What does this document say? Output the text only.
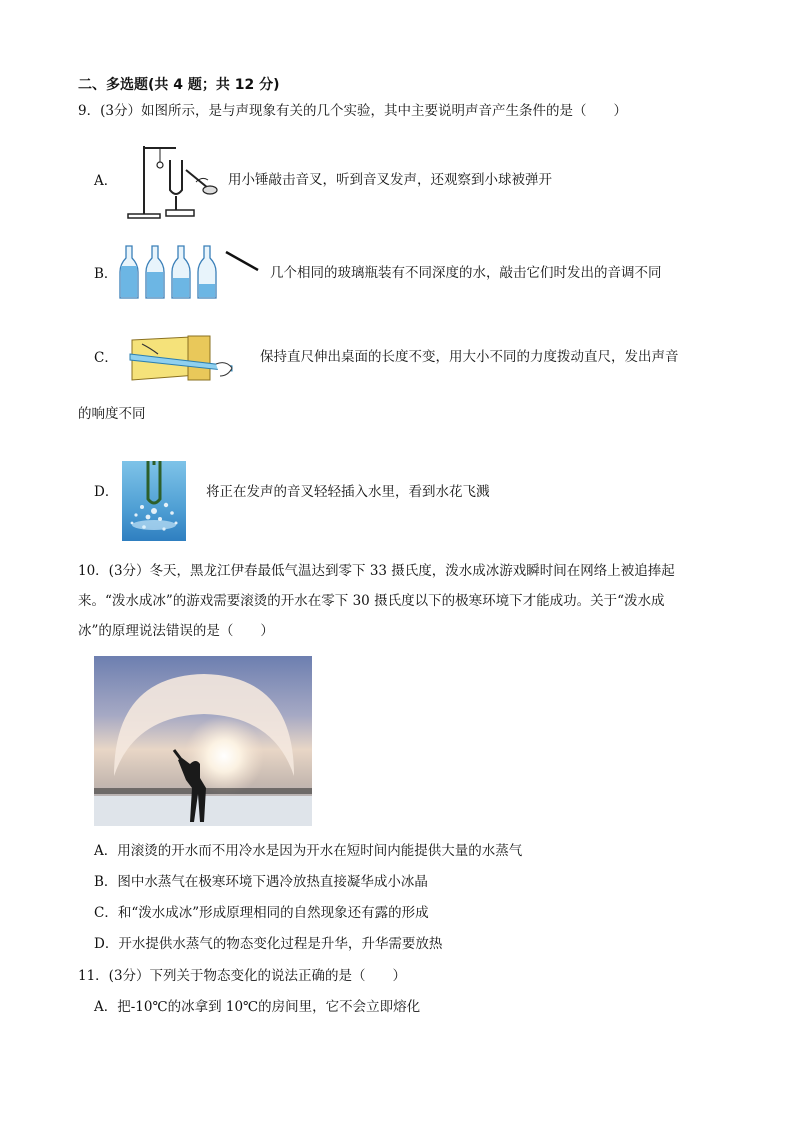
二、多选题(共 4 题；共 12 分)
9．(3分）如图所示，是与声现象有关的几个实验，其中主要说明声音产生条件的是（　　）
A．	用小锤敲击音叉，听到音叉发声，还观察到小球被弹开
B．	几个相同的玻璃瓶装有不同深度的水，敲击它们时发出的音调不同
C．	保持直尺伸出桌面的长度不变，用大小不同的力度拨动直尺，发出声音
的响度不同
D．	将正在发声的音叉轻轻插入水里，看到水花飞溅
10．(3分）冬天，黑龙江伊春最低气温达到零下 33 摄氏度，泼水成冰游戏瞬时间在网络上被追捧起
来。“泼水成冰”的游戏需要滚烫的开水在零下 30 摄氏度以下的极寒环境下才能成功。关于“泼水成
冰”的原理说法错误的是（　　）
A．用滚烫的开水而不用冷水是因为开水在短时间内能提供大量的水蒸气
B．图中水蒸气在极寒环境下遇冷放热直接凝华成小冰晶
C．和“泼水成冰”形成原理相同的自然现象还有露的形成
D．开水提供水蒸气的物态变化过程是升华，升华需要放热
11．(3分）下列关于物态变化的说法正确的是（　　）
A．把-10℃的冰拿到 10℃的房间里，它不会立即熔化
